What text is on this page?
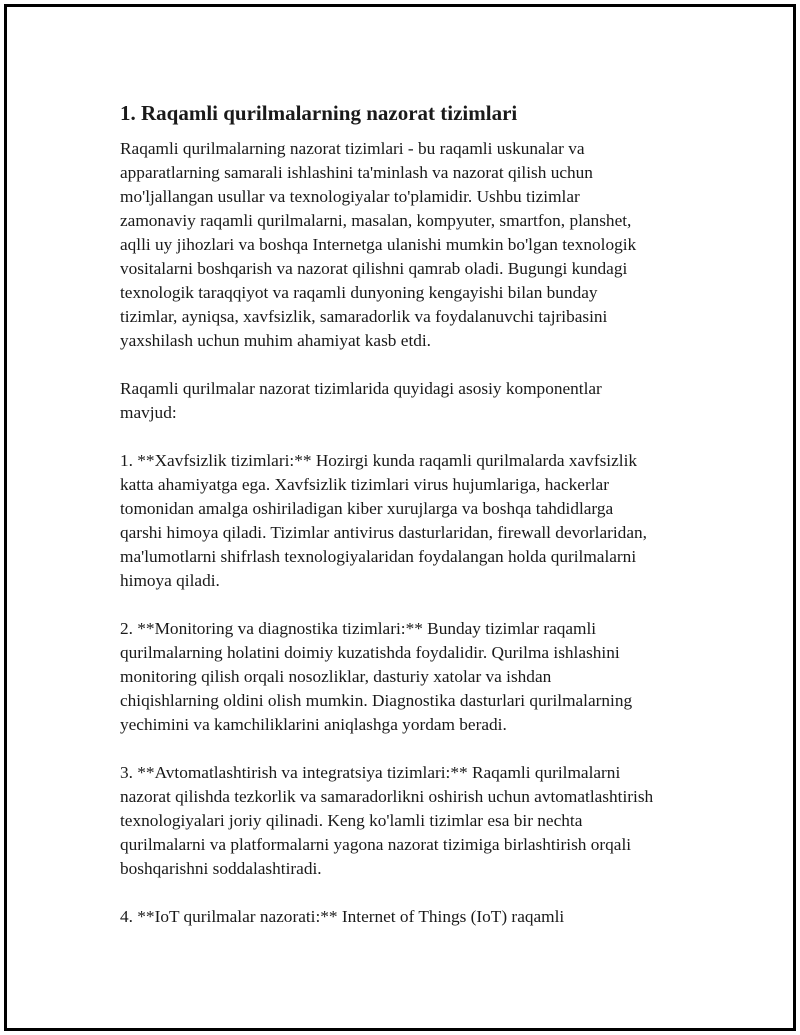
1. Raqamli qurilmalarning nazorat tizimlari

Raqamli qurilmalarning nazorat tizimlari - bu raqamli uskunalar va
apparatlarning samarali ishlashini ta'minlash va nazorat qilish uchun
mo'ljallangan usullar va texnologiyalar to'plamidir. Ushbu tizimlar
zamonaviy raqamli qurilmalarni, masalan, kompyuter, smartfon, planshet,
aqlli uy jihozlari va boshqa Internetga ulanishi mumkin bo'lgan texnologik
vositalarni boshqarish va nazorat qilishni qamrab oladi. Bugungi kundagi
texnologik taraqqiyot va raqamli dunyoning kengayishi bilan bunday
tizimlar, ayniqsa, xavfsizlik, samaradorlik va foydalanuvchi tajribasini
yaxshilash uchun muhim ahamiyat kasb etdi.

Raqamli qurilmalar nazorat tizimlarida quyidagi asosiy komponentlar
mavjud:

1. **Xavfsizlik tizimlari:** Hozirgi kunda raqamli qurilmalarda xavfsizlik
katta ahamiyatga ega. Xavfsizlik tizimlari virus hujumlariga, hackerlar
tomonidan amalga oshiriladigan kiber xurujlarga va boshqa tahdidlarga
qarshi himoya qiladi. Tizimlar antivirus dasturlaridan, firewall devorlaridan,
ma'lumotlarni shifrlash texnologiyalaridan foydalangan holda qurilmalarni
himoya qiladi.

2. **Monitoring va diagnostika tizimlari:** Bunday tizimlar raqamli
qurilmalarning holatini doimiy kuzatishda foydalidir. Qurilma ishlashini
monitoring qilish orqali nosozliklar, dasturiy xatolar va ishdan
chiqishlarning oldini olish mumkin. Diagnostika dasturlari qurilmalarning
yechimini va kamchiliklarini aniqlashga yordam beradi.

3. **Avtomatlashtirish va integratsiya tizimlari:** Raqamli qurilmalarni
nazorat qilishda tezkorlik va samaradorlikni oshirish uchun avtomatlashtirish
texnologiyalari joriy qilinadi. Keng ko'lamli tizimlar esa bir nechta
qurilmalarni va platformalarni yagona nazorat tizimiga birlashtirish orqali
boshqarishni soddalashtiradi.

4. **IoT qurilmalar nazorati:** Internet of Things (IoT) raqamli
